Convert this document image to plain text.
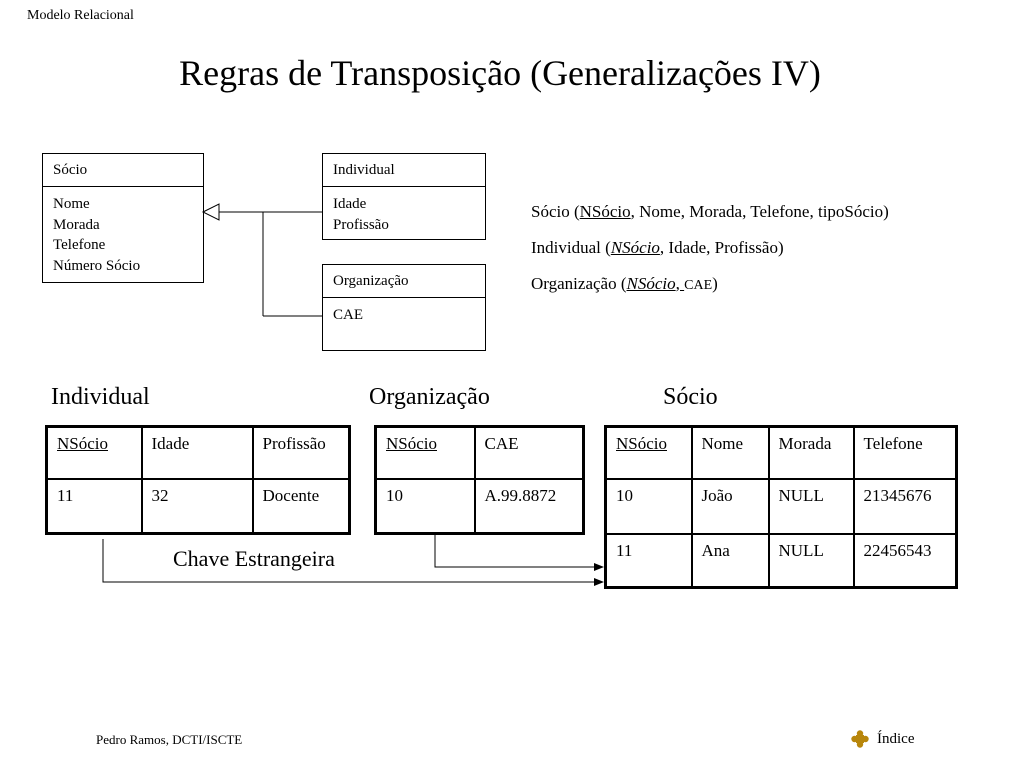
Modelo Relacional
Regras de Transposição (Generalizações IV)
Sócio
Nome
Morada
Telefone
Número Sócio
Individual
Idade
Profissão
Organização
CAE
Sócio (NSócio, Nome, Morada, Telefone, tipoSócio)
Individual (NSócio, Idade, Profissão)
Organização (NSócio, CAE)
Individual	Organização	Sócio
NSócio	Idade	Profissão
11	32	Docente
NSócio	CAE
10	A.99.8872
NSócio	Nome	Morada	Telefone
10	João	NULL	21345676
11	Ana	NULL	22456543
Chave Estrangeira
Pedro Ramos, DCTI/ISCTE	Índice
